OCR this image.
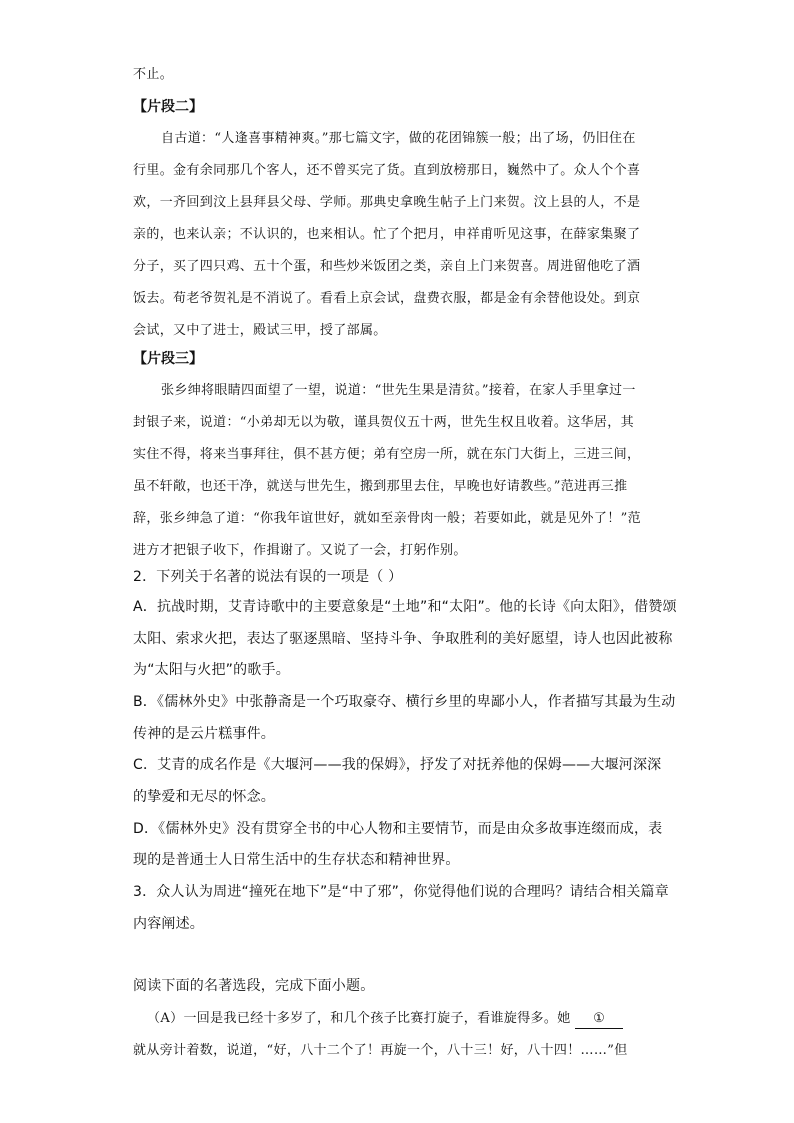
不止。
【片段二】
自古道：“人逢喜事精神爽。”那七篇文字，做的花团锦簇一般；出了场，仍旧住在
行里。金有余同那几个客人，还不曾买完了货。直到放榜那日，巍然中了。众人个个喜
欢，一齐回到汶上县拜县父母、学师。那典史拿晚生帖子上门来贺。汶上县的人，不是
亲的，也来认亲；不认识的，也来相认。忙了个把月，申祥甫听见这事，在薛家集聚了
分子，买了四只鸡、五十个蛋，和些炒米饭团之类，亲自上门来贺喜。周进留他吃了酒
饭去。荀老爷贺礼是不消说了。看看上京会试，盘费衣服，都是金有余替他设处。到京
会试，又中了进士，殿试三甲，授了部属。
【片段三】
张乡绅将眼睛四面望了一望，说道：“世先生果是清贫。”接着，在家人手里拿过一
封银子来，说道：“小弟却无以为敬，谨具贺仪五十两，世先生权且收着。这华居，其
实住不得，将来当事拜往，俱不甚方便；弟有空房一所，就在东门大街上，三进三间，
虽不轩敞，也还干净，就送与世先生，搬到那里去住，早晚也好请教些。”范进再三推
辞，张乡绅急了道：“你我年谊世好，就如至亲骨肉一般；若要如此，就是见外了！”范
进方才把银子收下，作揖谢了。又说了一会，打躬作别。
2．下列关于名著的说法有误的一项是（ ）
A．抗战时期，艾青诗歌中的主要意象是“土地”和“太阳”。他的长诗《向太阳》，借赞颂
太阳、索求火把，表达了驱逐黑暗、坚持斗争、争取胜利的美好愿望，诗人也因此被称
为“太阳与火把”的歌手。
B．《儒林外史》中张静斋是一个巧取豪夺、横行乡里的卑鄙小人，作者描写其最为生动
传神的是云片糕事件。
C．艾青的成名作是《大堰河——我的保姆》，抒发了对抚养他的保姆——大堰河深深
的挚爱和无尽的怀念。
D．《儒林外史》没有贯穿全书的中心人物和主要情节，而是由众多故事连缀而成，表
现的是普通士人日常生活中的生存状态和精神世界。
3．众人认为周进“撞死在地下”是“中了邪”，你觉得他们说的合理吗？请结合相关篇章
内容阐述。
阅读下面的名著选段，完成下面小题。
（A）一回是我已经十多岁了，和几个孩子比赛打旋子，看谁旋得多。她 ①
就从旁计着数，说道，“好，八十二个了！再旋一个，八十三！好，八十四！……”但
